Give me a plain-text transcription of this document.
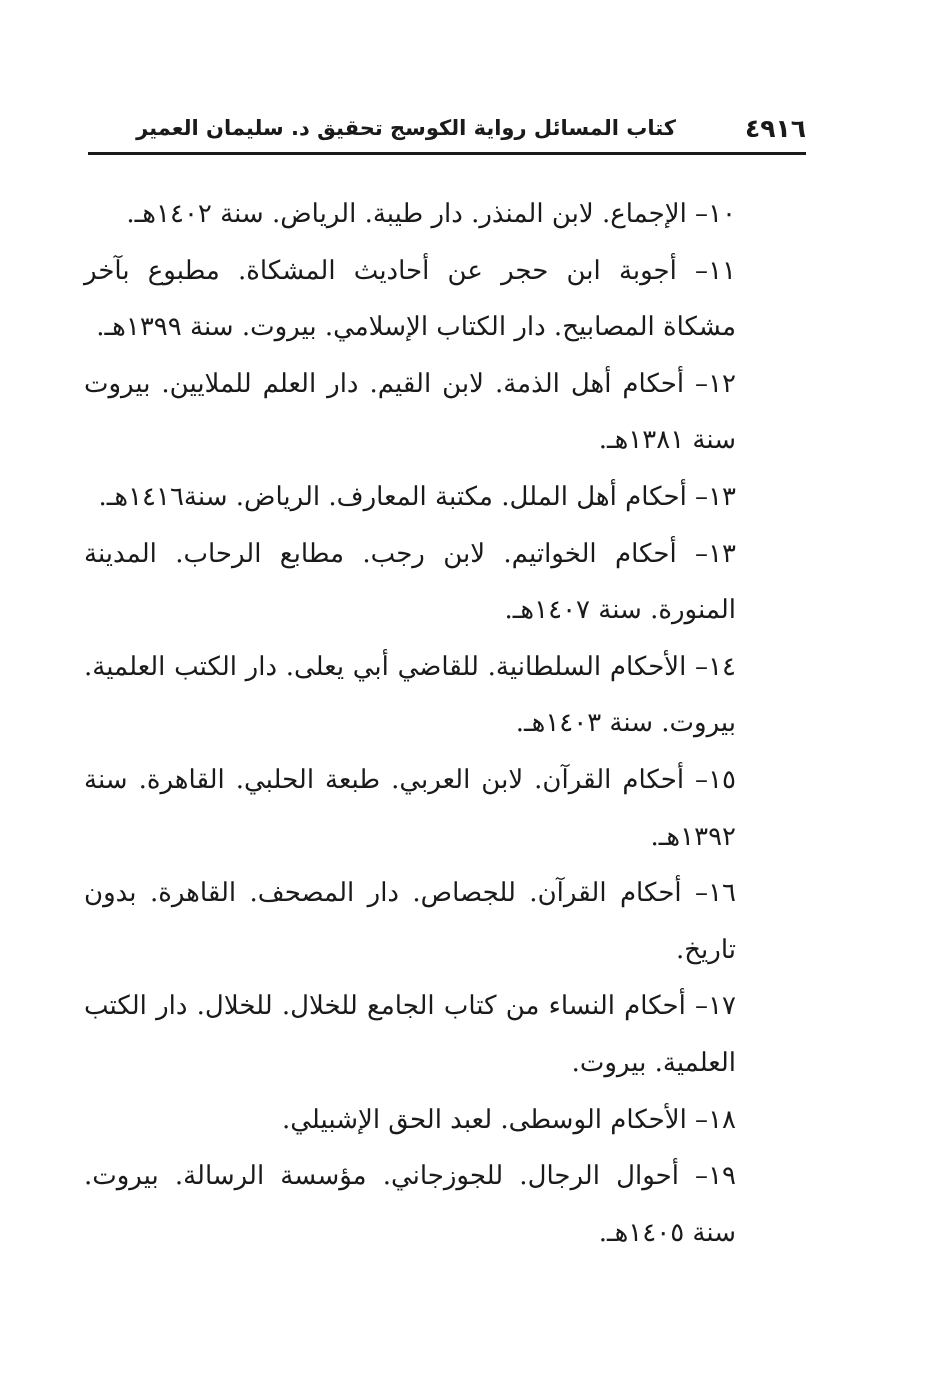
٤٩١٦
كتاب المسائل رواية الكوسج تحقيق د. سليمان العمير

١٠– الإجماع. لابن المنذر. دار طيبة. الرياض. سنة ١٤٠٢هـ.

١١– أجوبة ابن حجر عن أحاديث المشكاة. مطبوع بآخر مشكاة المصابيح. دار الكتاب الإسلامي. بيروت. سنة ١٣٩٩هـ.

١٢– أحكام أهل الذمة. لابن القيم. دار العلم للملايين. بيروت سنة ١٣٨١هـ.

١٣– أحكام أهل الملل. مكتبة المعارف. الرياض. سنة١٤١٦هـ.

١٣– أحكام الخواتيم. لابن رجب. مطابع الرحاب. المدينة المنورة. سنة ١٤٠٧هـ.

١٤– الأحكام السلطانية. للقاضي أبي يعلى. دار الكتب العلمية. بيروت. سنة ١٤٠٣هـ.

١٥– أحكام القرآن. لابن العربي. طبعة الحلبي. القاهرة. سنة ١٣٩٢هـ.

١٦– أحكام القرآن. للجصاص. دار المصحف. القاهرة. بدون تاريخ.

١٧– أحكام النساء من كتاب الجامع للخلال. للخلال. دار الكتب العلمية. بيروت.

١٨– الأحكام الوسطى. لعبد الحق الإشبيلي.

١٩– أحوال الرجال. للجوزجاني. مؤسسة الرسالة. بيروت. سنة ١٤٠٥هـ.
